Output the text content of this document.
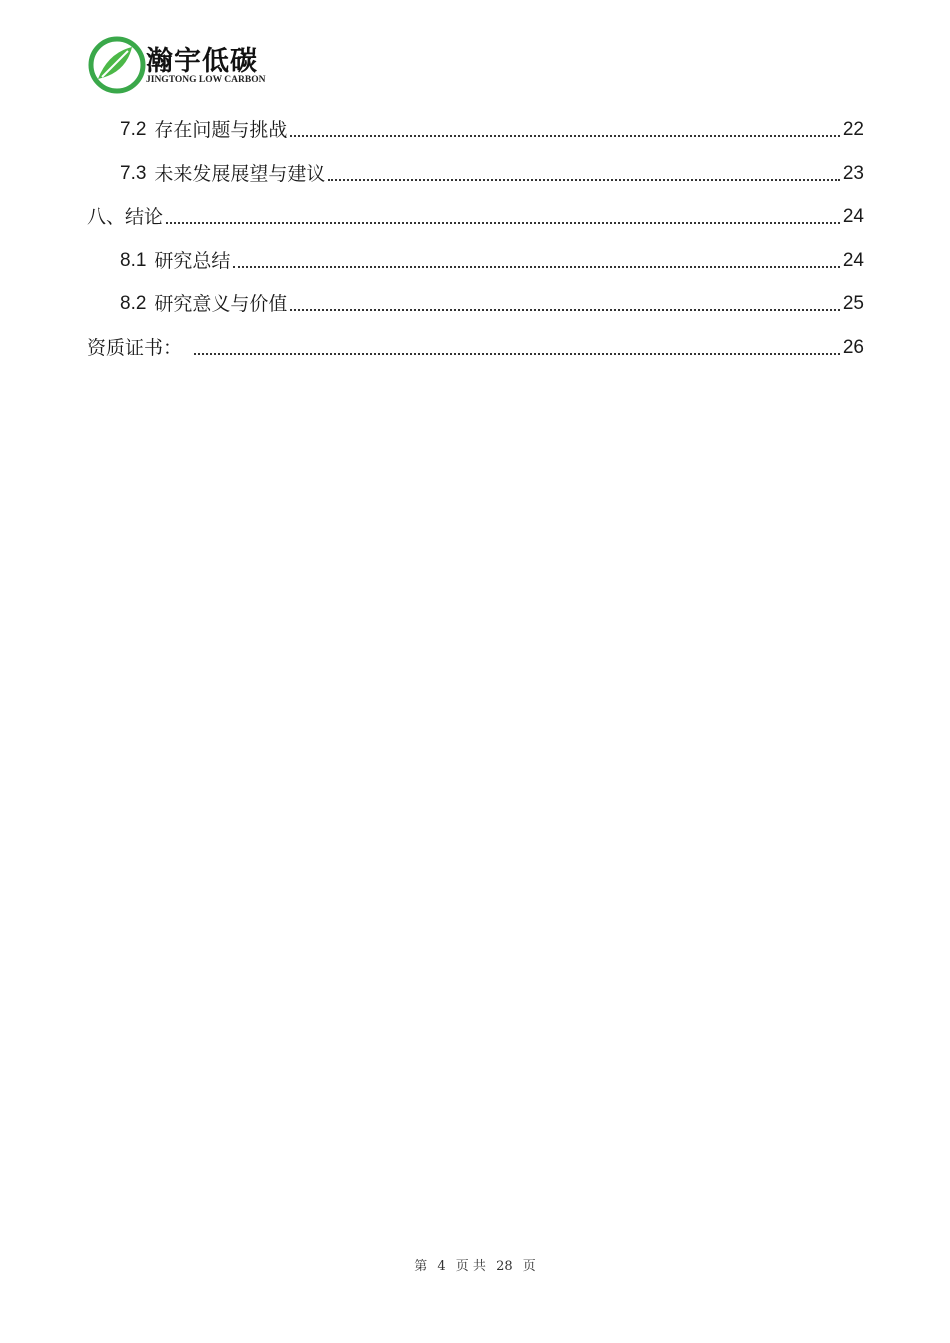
瀚宇低碳
JINGTONG LOW CARBON
7.2 存在问题与挑战	22
7.3 未来发展展望与建议	23
八、结论	24
8.1 研究总结	24
8.2 研究意义与价值	25
资质证书：	26
第 4 页 共 28 页
